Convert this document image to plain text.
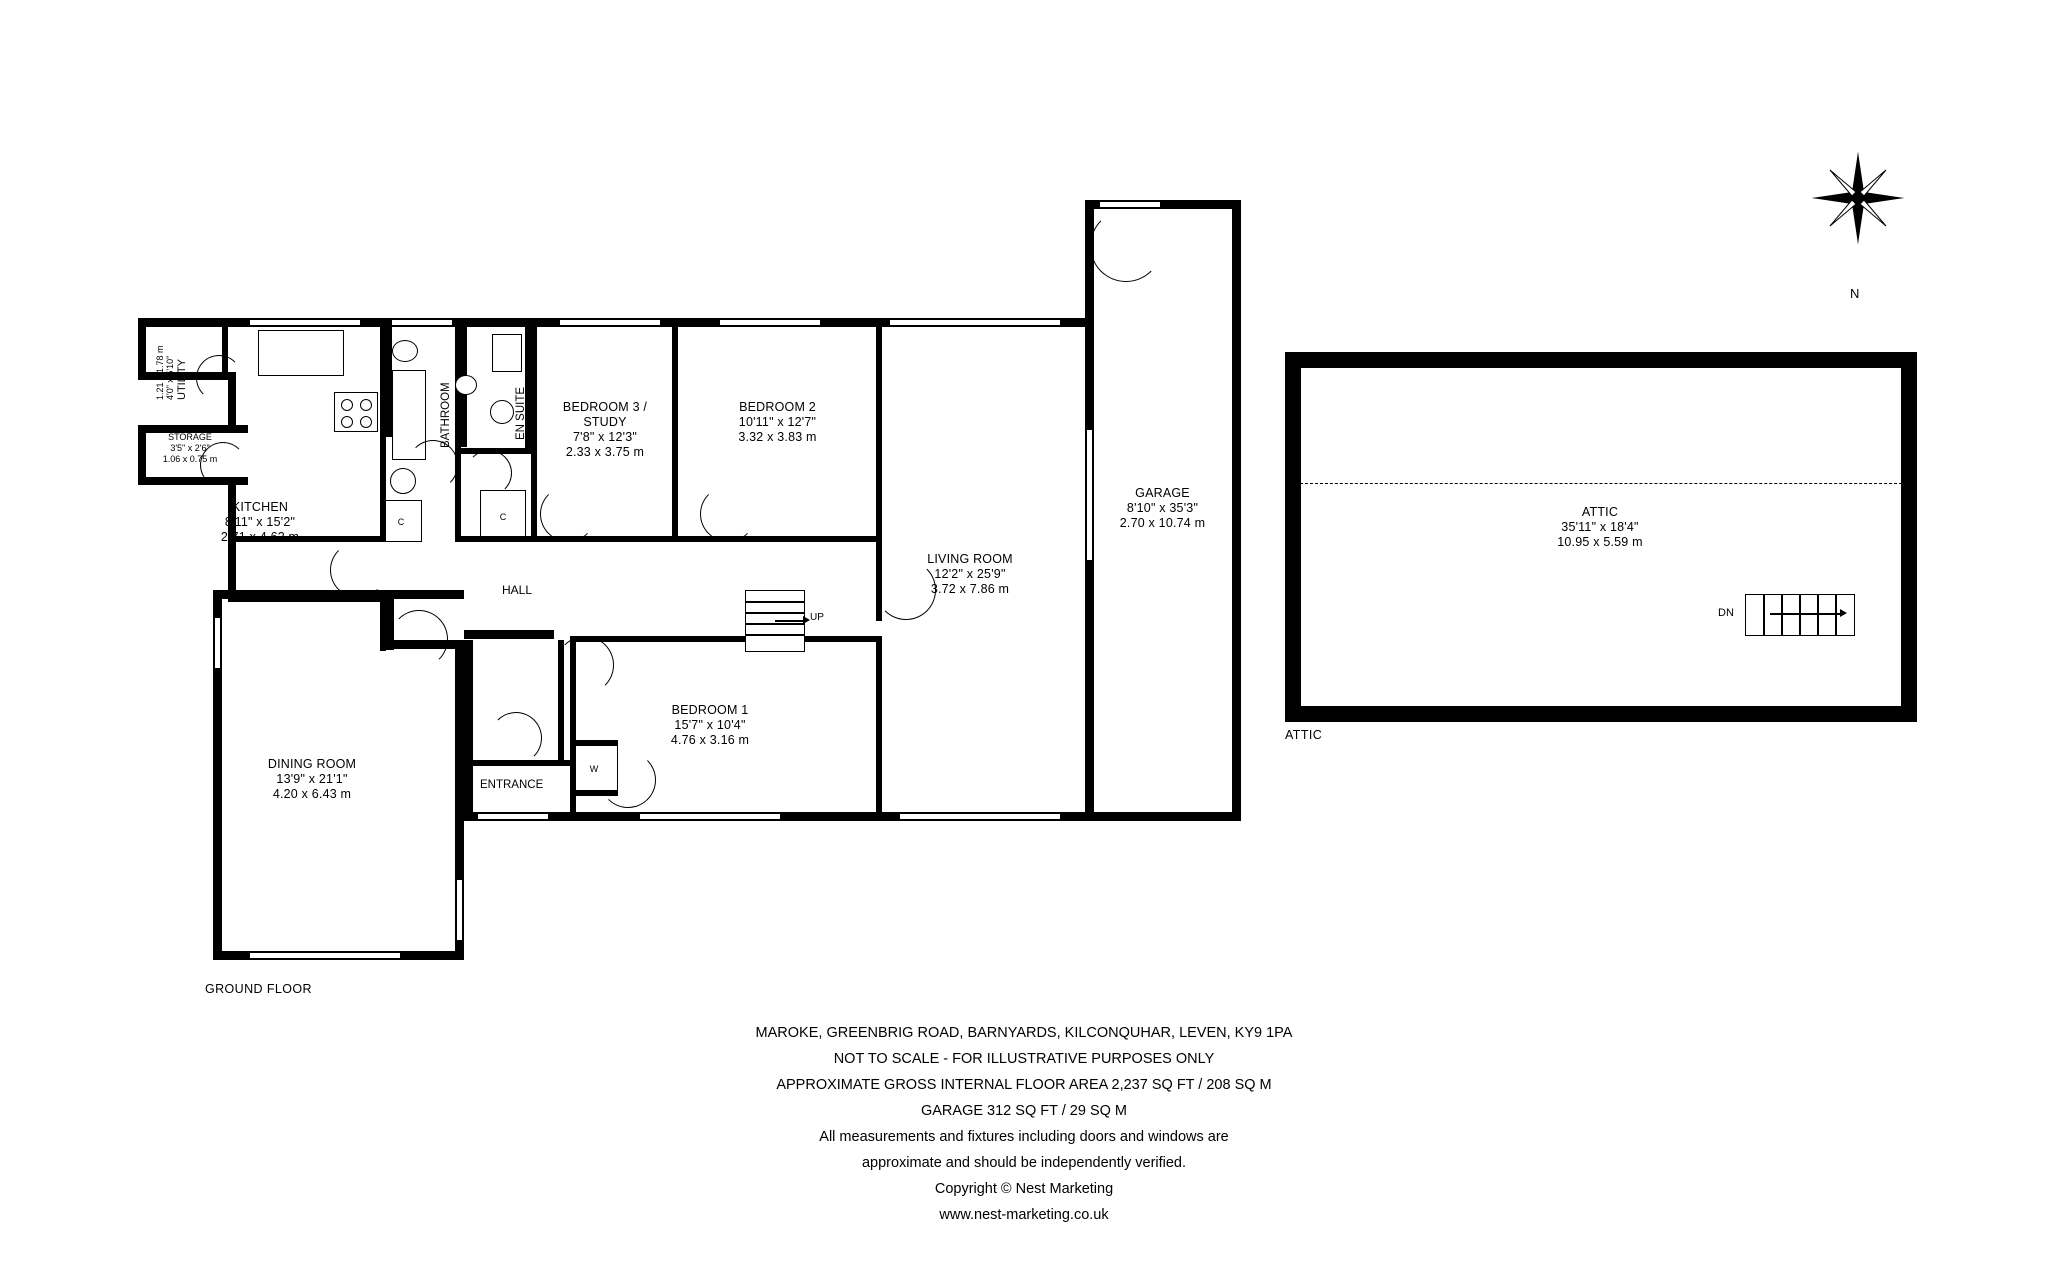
N
C	C
W
UP
UTILITY
4'0" x 5'10"
1.21 x 1.78 m
STORAGE
3'5" x 2'6"
1.06 x 0.75 m
KITCHEN
8'11" x 15'2"
2.71 x 4.62 m
BATHROOM	EN SUITE	BEDROOM 3 /
STUDY
7'8" x 12'3"
2.33 x 3.75 m
BEDROOM 2
10'11" x 12'7"
3.32 x 3.83 m
LIVING ROOM
12'2" x 25'9"
3.72 x 7.86 m
GARAGE
8'10" x 35'3"
2.70 x 10.74 m
BEDROOM 1
15'7" x 10'4"
4.76 x 3.16 m
DINING ROOM
13'9" x 21'1"
4.20 x 6.43 m
HALL
ENTRANCE
GROUND FLOOR
ATTIC
35'11" x 18'4"
10.95 x 5.59 m
DN
ATTIC
MAROKE, GREENBRIG ROAD, BARNYARDS, KILCONQUHAR, LEVEN, KY9 1PA
NOT TO SCALE - FOR ILLUSTRATIVE PURPOSES ONLY
APPROXIMATE GROSS INTERNAL FLOOR AREA 2,237 SQ FT / 208 SQ M
GARAGE 312 SQ FT / 29 SQ M
All measurements and fixtures including doors and windows are
approximate and should be independently verified.
Copyright © Nest Marketing
www.nest-marketing.co.uk
